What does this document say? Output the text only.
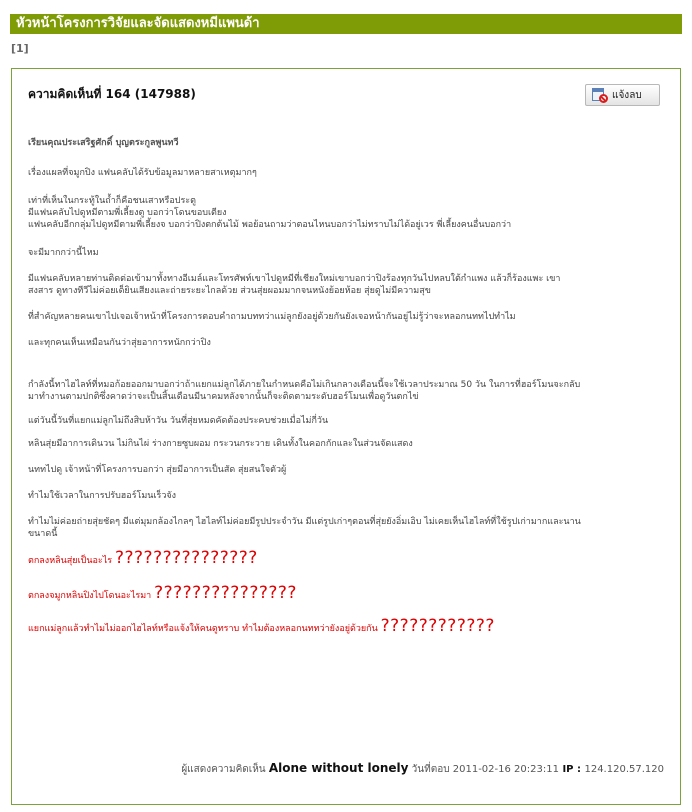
หัวหน้าโครงการวิจัยและจัดแสดงหมีแพนด้า
[1]
ความคิดเห็นที่ 164 (147988)	แจ้งลบ

เรียนคุณประเสริฐศักดิ์ บุญตระกูลพูนทวี

เรื่องแผลที่จมูกปิง แฟนคลับได้รับข้อมูลมาหลายสาเหตุมากๆ

เท่าที่เห็นในกระทู้ในถ้ำก็คือชนเสาหรือประตู
มีแฟนคลับไปดูหมีตามพี่เลี้ยงตู บอกว่าโดนขอบเตียง
แฟนคลับอีกกลุ่มไปดูหมีตามพี่เลี้ยงจ บอกว่าปิงตกต้นไม้ พอย้อนถามว่าตอนไหนบอกว่าไม่ทราบไม่ได้อยู่เวร พี่เลี้ยงคนอื่นบอกว่า

จะมีมากกว่านี้ไหม

มีแฟนคลับหลายท่านติดต่อเข้ามาทั้งทางอีเมล์และโทรศัพท์เขาไปดูหมีที่เชียงใหม่เขาบอกว่าปิงร้องทุกวันไปหลบใต้กำแพง แล้วก็ร้องแพะ เขาสงสาร ดูทางทีวีไม่ค่อยเด็ยินเสียงและถ่ายระยะไกลด้วย ส่วนสุ่ยผอมมากจนหนังย้อยห้อย สุ่ยดูไม่มีความสุข

ที่สำคัญหลายคนเขาไปเจอเจ้าหน้าที่โครงการตอบคำถามบททว่าแม่ลูกยังอยู่ด้วยกันยังเจอหน้ากันอยู่ไม่รู้ว่าจะหลอกนททไปทำไม

และทุกคนเห็นเหมือนกันว่าสุ่ยอาการหนักกว่าปิง

กำลังนี้ทาไฮไลท์ที่หมอก้อยออกมาบอกว่าถ้าแยกแม่ลูกได้ภายในกำหนดคือไม่เกินกลางเดือนนี้จะใช้เวลาประมาณ 50 วัน ในการที่ฮอร์โมนจะกลับมาทำงานตามปกติซึ่งคาดว่าจะเป็นสิ้นเดือนมีนาคมหลังจากนั้นก็จะติดตามระดับฮอร์โมนเพื่อดูวันตกไข่

แต่วันนี้วันที่แยกแม่ลูกไม่ถึงสิบห้าวัน วันที่สุ่ยหมดคัดต้องประคบช่วยเมื่อไม่กี่วัน

หลินสุ่ยมีอาการเดินวน ไม่กินไผ่ ร่างกายซูบผอม กระวนกระวาย เดินทั้งในคอกกักและในส่วนจัดแสดง

นททไปดู เจ้าหน้าที่โครงการบอกว่า สุ่ยมีอาการเป็นสัด สุ่ยสนใจตัวผู้

ทำไมใช้เวลาในการปรับฮอร์โมนเร็วจัง

ทำไมไม่ค่อยถ่ายสุ่ยชัดๆ มีแต่มุมกล้องไกลๆ ไฮไลท์ไม่ค่อยมีรูปประจำวัน มีแต่รูปเก่าๆตอนที่สุ่ยยังอิ่มเอิบ ไม่เคยเห็นไฮไลท์ที่ใช้รูปเก่ามากและนานขนาดนี้

ตกลงหลินสุ่ยเป็นอะไร ???????????????

ตกลงจมูกหลินปิงไปโดนอะไรมา ???????????????

แยกแม่ลูกแล้วทำไมไม่ออกไฮไลท์หรือแจ้งให้คนดูทราบ ทำไมต้องหลอกนททว่ายังอยู่ด้วยกัน ????????????

ผู้แสดงความคิดเห็น Alone without lonely วันที่ตอบ 2011-02-16 20:23:11 IP : 124.120.57.120
